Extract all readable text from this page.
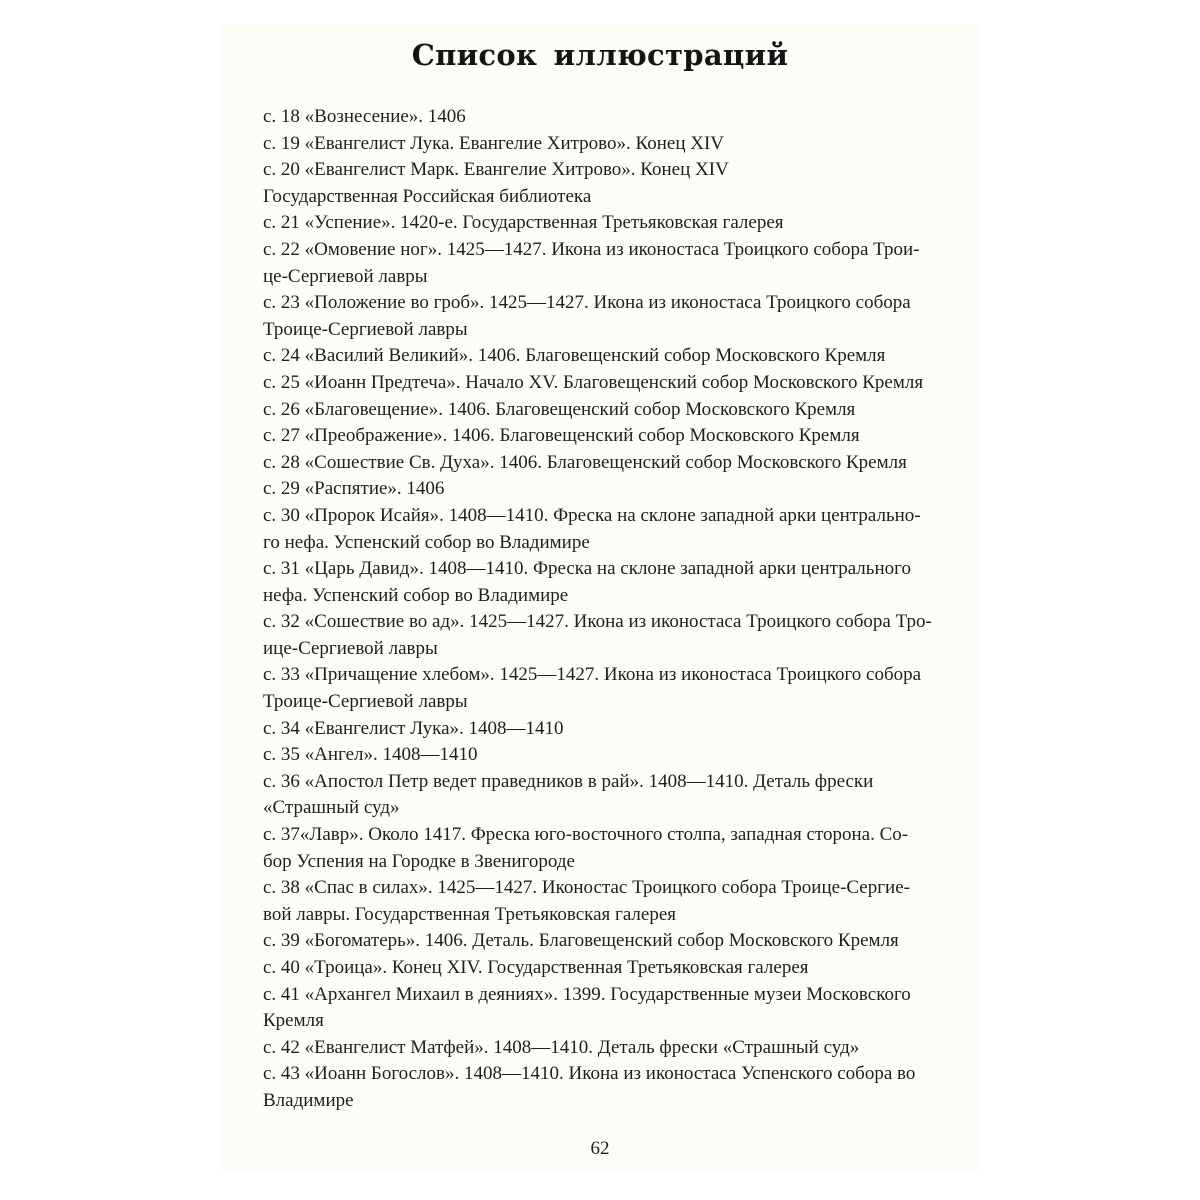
Список иллюстраций
с. 18 «Вознесение». 1406
с. 19 «Евангелист Лука. Евангелие Хитрово». Конец XIV
с. 20 «Евангелист Марк. Евангелие Хитрово». Конец XIV
Государственная Российская библиотека
с. 21 «Успение». 1420-е. Государственная Третьяковская галерея
с. 22 «Омовение ног». 1425—1427. Икона из иконостаса Троицкого собора Трои-
це-Сергиевой лавры
с. 23 «Положение во гроб». 1425—1427. Икона из иконостаса Троицкого собора
Троице-Сергиевой лавры
с. 24 «Василий Великий». 1406. Благовещенский собор Московского Кремля
с. 25 «Иоанн Предтеча». Начало XV. Благовещенский собор Московского Кремля
с. 26 «Благовещение». 1406. Благовещенский собор Московского Кремля
с. 27 «Преображение». 1406. Благовещенский собор Московского Кремля
с. 28 «Сошествие Св. Духа». 1406. Благовещенский собор Московского Кремля
с. 29 «Распятие». 1406
с. 30 «Пророк Исайя». 1408—1410. Фреска на склоне западной арки центрально-
го нефа. Успенский собор во Владимире
с. 31 «Царь Давид». 1408—1410. Фреска на склоне западной арки центрального
нефа. Успенский собор во Владимире
с. 32 «Сошествие во ад». 1425—1427. Икона из иконостаса Троицкого собора Тро-
ице-Сергиевой лавры
с. 33 «Причащение хлебом». 1425—1427. Икона из иконостаса Троицкого собора
Троице-Сергиевой лавры
с. 34 «Евангелист Лука». 1408—1410
с. 35 «Ангел». 1408—1410
с. 36 «Апостол Петр ведет праведников в рай». 1408—1410. Деталь фрески
«Страшный суд»
с. 37«Лавр». Около 1417. Фреска юго-восточного столпа, западная сторона. Со-
бор Успения на Городке в Звенигороде
с. 38 «Спас в силах». 1425—1427. Иконостас Троицкого собора Троице-Сергие-
вой лавры. Государственная Третьяковская галерея
с. 39 «Богоматерь». 1406. Деталь. Благовещенский собор Московского Кремля
с. 40 «Троица». Конец XIV. Государственная Третьяковская галерея
с. 41 «Архангел Михаил в деяниях». 1399. Государственные музеи Московского
Кремля
с. 42 «Евангелист Матфей». 1408—1410. Деталь фрески «Страшный суд»
с. 43 «Иоанн Богослов». 1408—1410. Икона из иконостаса Успенского собора во
Владимире
62
